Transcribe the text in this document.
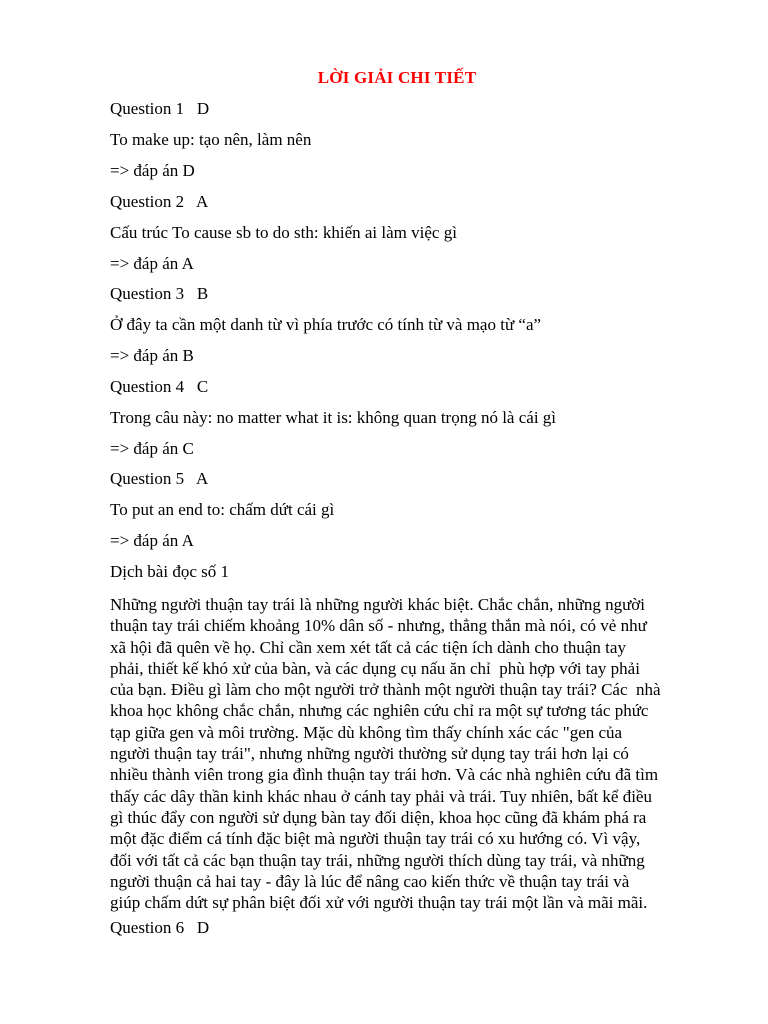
LỜI GIẢI CHI TIẾT
Question 1   D
To make up: tạo nên, làm nên
=> đáp án D
Question 2   A
Cấu trúc To cause sb to do sth: khiến ai làm việc gì
=> đáp án A
Question 3   B
Ở đây ta cần một danh từ vì phía trước có tính từ và mạo từ “a”
=> đáp án B
Question 4   C
Trong câu này: no matter what it is: không quan trọng nó là cái gì
=> đáp án C
Question 5   A
To put an end to: chấm dứt cái gì
=> đáp án A
Dịch bài đọc số 1
Những người thuận tay trái là những người khác biệt. Chắc chắn, những người
thuận tay trái chiếm khoảng 10% dân số - nhưng, thẳng thắn mà nói, có vẻ như
xã hội đã quên về họ. Chỉ cần xem xét tất cả các tiện ích dành cho thuận tay
phải, thiết kế khó xử của bàn, và các dụng cụ nấu ăn chỉ  phù hợp với tay phải
của bạn. Điều gì làm cho một người trở thành một người thuận tay trái? Các  nhà
khoa học không chắc chắn, nhưng các nghiên cứu chỉ ra một sự tương tác phức
tạp giữa gen và môi trường. Mặc dù không tìm thấy chính xác các "gen của
người thuận tay trái", nhưng những người thường sử dụng tay trái hơn lại có
nhiều thành viên trong gia đình thuận tay trái hơn. Và các nhà nghiên cứu đã tìm
thấy các dây thần kinh khác nhau ở cánh tay phải và trái. Tuy nhiên, bất kể điều
gì thúc đẩy con người sử dụng bàn tay đối diện, khoa học cũng đã khám phá ra
một đặc điểm cá tính đặc biệt mà người thuận tay trái có xu hướng có. Vì vậy,
đối với tất cả các bạn thuận tay trái, những người thích dùng tay trái, và những
người thuận cả hai tay - đây là lúc để nâng cao kiến thức về thuận tay trái và
giúp chấm dứt sự phân biệt đối xử với người thuận tay trái một lần và mãi mãi.
Question 6   D
